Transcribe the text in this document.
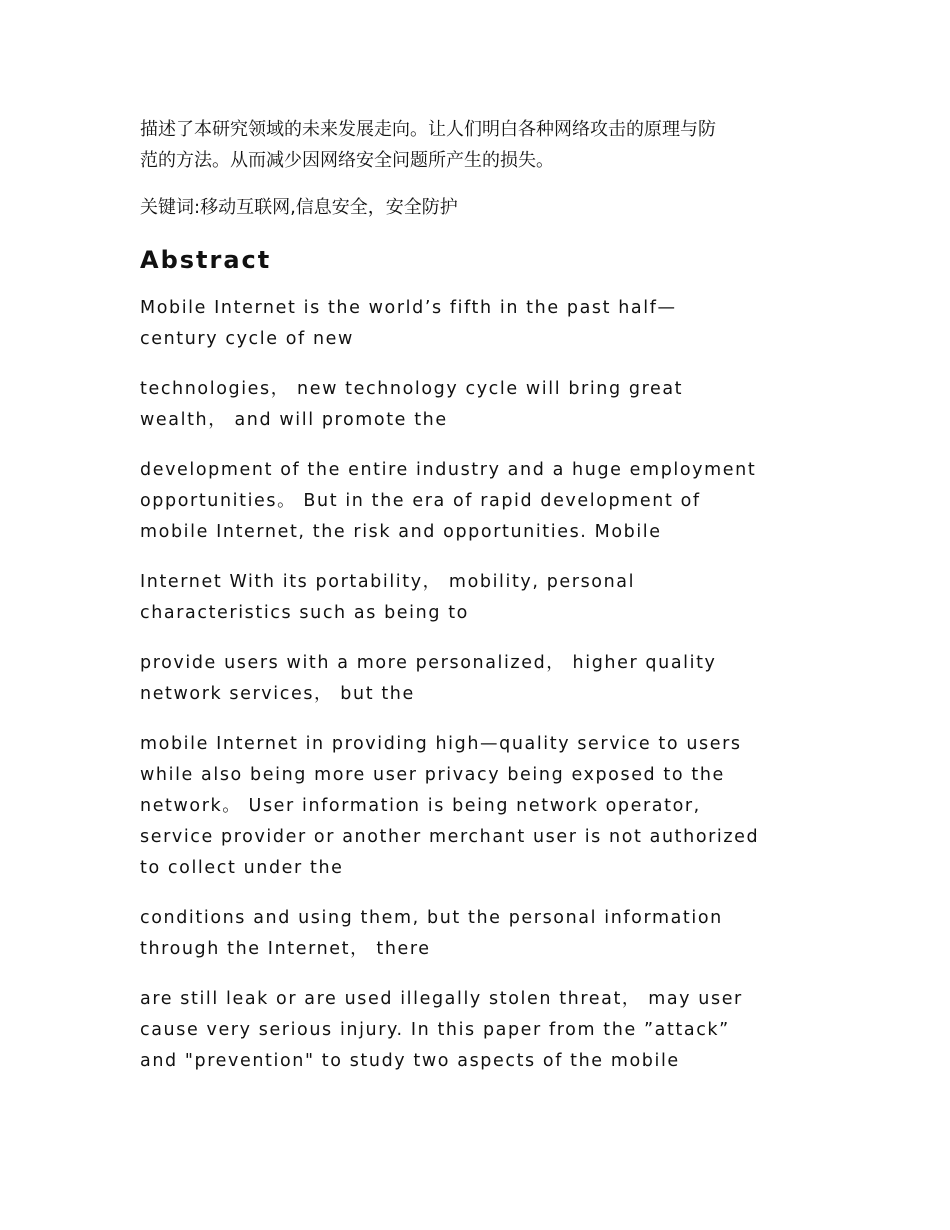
描述了本研究领域的未来发展走向。让人们明白各种网络攻击的原理与防
范的方法。从而减少因网络安全问题所产生的损失。

关键词:移动互联网,信息安全，安全防护

Abstract

Mobile Internet is the world’s fifth in the past half—
century cycle of new

technologies， new technology cycle will bring great
wealth， and will promote the

development of the entire industry and a huge employment
opportunities。 But in the era of rapid development of
mobile Internet, the risk and opportunities. Mobile

Internet With its portability， mobility, personal
characteristics such as being to

provide users with a more personalized， higher quality
network services， but the

mobile Internet in providing high—quality service to users
while also being more user privacy being exposed to the
network。 User information is being network operator,
service provider or another merchant user is not authorized
to collect under the

conditions and using them, but the personal information
through the Internet， there

are still leak or are used illegally stolen threat， may user
cause very serious injury. In this paper from the ”attack”
and "prevention" to study two aspects of the mobile
